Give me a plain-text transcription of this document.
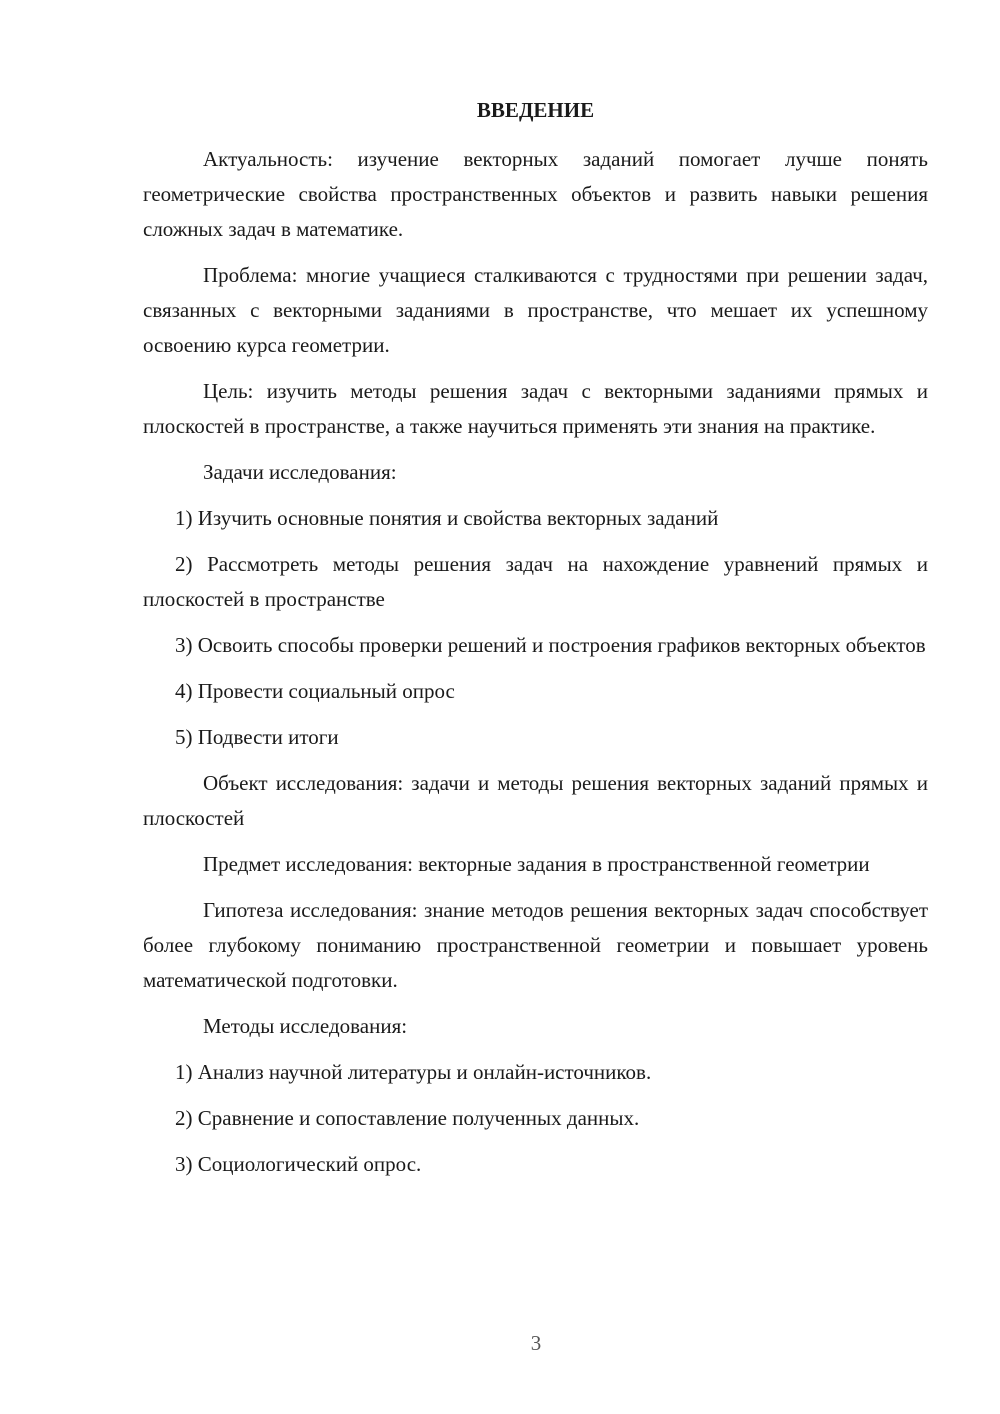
ВВЕДЕНИЕ

Актуальность: изучение векторных заданий помогает лучше понять геометрические свойства пространственных объектов и развить навыки решения сложных задач в математике.

Проблема: многие учащиеся сталкиваются с трудностями при решении задач, связанных с векторными заданиями в пространстве, что мешает их успешному освоению курса геометрии.

Цель: изучить методы решения задач с векторными заданиями прямых и плоскостей в пространстве, а также научиться применять эти знания на практике.

Задачи исследования:

1) Изучить основные понятия и свойства векторных заданий

2) Рассмотреть методы решения задач на нахождение уравнений прямых и плоскостей в пространстве

3) Освоить способы проверки решений и построения графиков векторных объектов

4) Провести социальный опрос

5) Подвести итоги

Объект исследования: задачи и методы решения векторных заданий прямых и плоскостей

Предмет исследования: векторные задания в пространственной геометрии

Гипотеза исследования: знание методов решения векторных задач способствует более глубокому пониманию пространственной геометрии и повышает уровень математической подготовки.

Методы исследования:

1) Анализ научной литературы и онлайн-источников.

2) Сравнение и сопоставление полученных данных.

3) Социологический опрос.

3
